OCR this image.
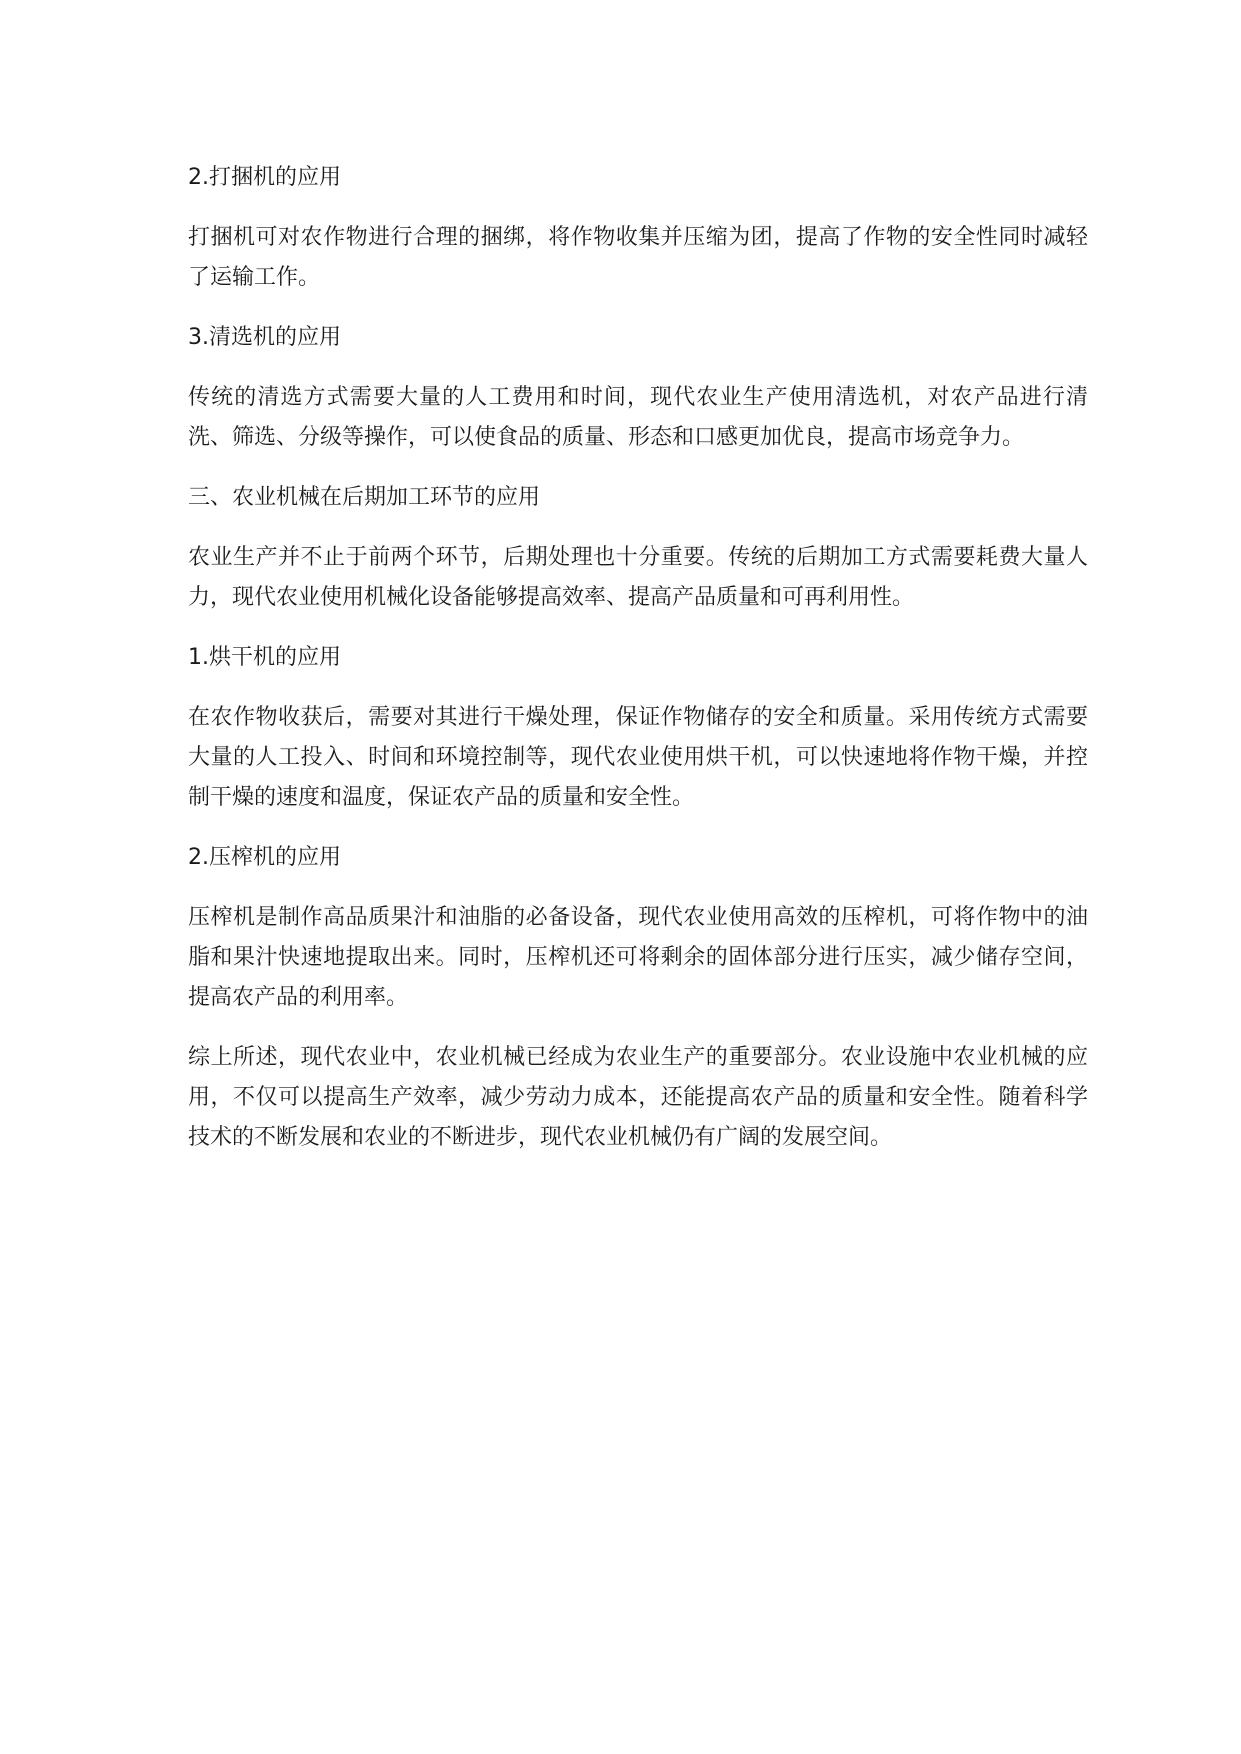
2.打捆机的应用

打捆机可对农作物进行合理的捆绑，将作物收集并压缩为团，提高了作物的安全性同时减轻了运输工作。

3.清选机的应用

传统的清选方式需要大量的人工费用和时间，现代农业生产使用清选机，对农产品进行清洗、筛选、分级等操作，可以使食品的质量、形态和口感更加优良，提高市场竞争力。

三、农业机械在后期加工环节的应用

农业生产并不止于前两个环节，后期处理也十分重要。传统的后期加工方式需要耗费大量人力，现代农业使用机械化设备能够提高效率、提高产品质量和可再利用性。

1.烘干机的应用

在农作物收获后，需要对其进行干燥处理，保证作物储存的安全和质量。采用传统方式需要大量的人工投入、时间和环境控制等，现代农业使用烘干机，可以快速地将作物干燥，并控制干燥的速度和温度，保证农产品的质量和安全性。

2.压榨机的应用

压榨机是制作高品质果汁和油脂的必备设备，现代农业使用高效的压榨机，可将作物中的油脂和果汁快速地提取出来。同时，压榨机还可将剩余的固体部分进行压实，减少储存空间，提高农产品的利用率。

综上所述，现代农业中，农业机械已经成为农业生产的重要部分。农业设施中农业机械的应用，不仅可以提高生产效率，减少劳动力成本，还能提高农产品的质量和安全性。随着科学技术的不断发展和农业的不断进步，现代农业机械仍有广阔的发展空间。
